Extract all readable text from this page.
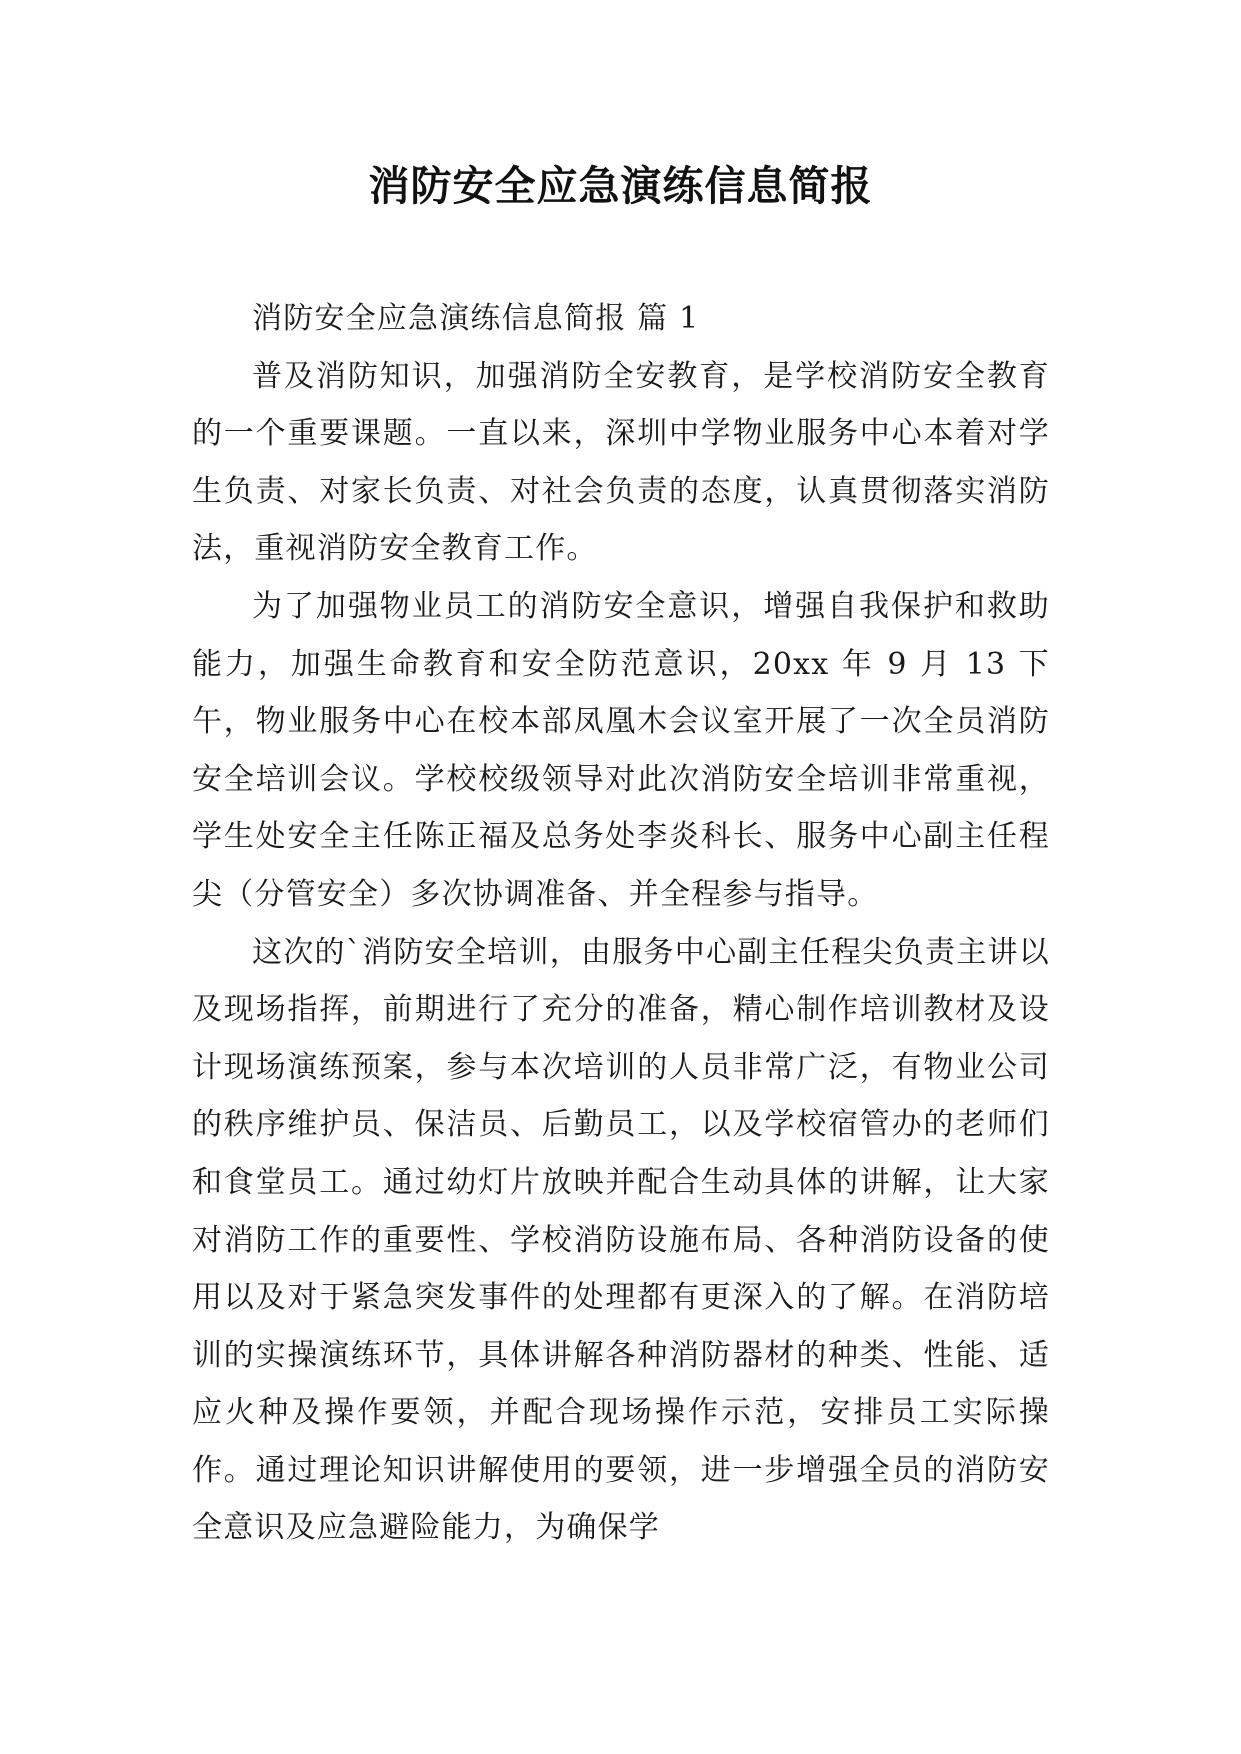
消防安全应急演练信息简报

消防安全应急演练信息简报 篇 1

普及消防知识，加强消防全安教育，是学校消防安全教育的一个重要课题。一直以来，深圳中学物业服务中心本着对学生负责、对家长负责、对社会负责的态度，认真贯彻落实消防法，重视消防安全教育工作。

为了加强物业员工的消防安全意识，增强自我保护和救助能力，加强生命教育和安全防范意识，20xx 年 9 月 13 下午，物业服务中心在校本部凤凰木会议室开展了一次全员消防安全培训会议。学校校级领导对此次消防安全培训非常重视，学生处安全主任陈正福及总务处李炎科长、服务中心副主任程尖（分管安全）多次协调准备、并全程参与指导。

这次的`消防安全培训，由服务中心副主任程尖负责主讲以及现场指挥，前期进行了充分的准备，精心制作培训教材及设计现场演练预案，参与本次培训的人员非常广泛，有物业公司的秩序维护员、保洁员、后勤员工，以及学校宿管办的老师们和食堂员工。通过幼灯片放映并配合生动具体的讲解，让大家对消防工作的重要性、学校消防设施布局、各种消防设备的使用以及对于紧急突发事件的处理都有更深入的了解。在消防培训的实操演练环节，具体讲解各种消防器材的种类、性能、适应火种及操作要领，并配合现场操作示范，安排员工实际操作。通过理论知识讲解使用的要领，进一步增强全员的消防安全意识及应急避险能力，为确保学
